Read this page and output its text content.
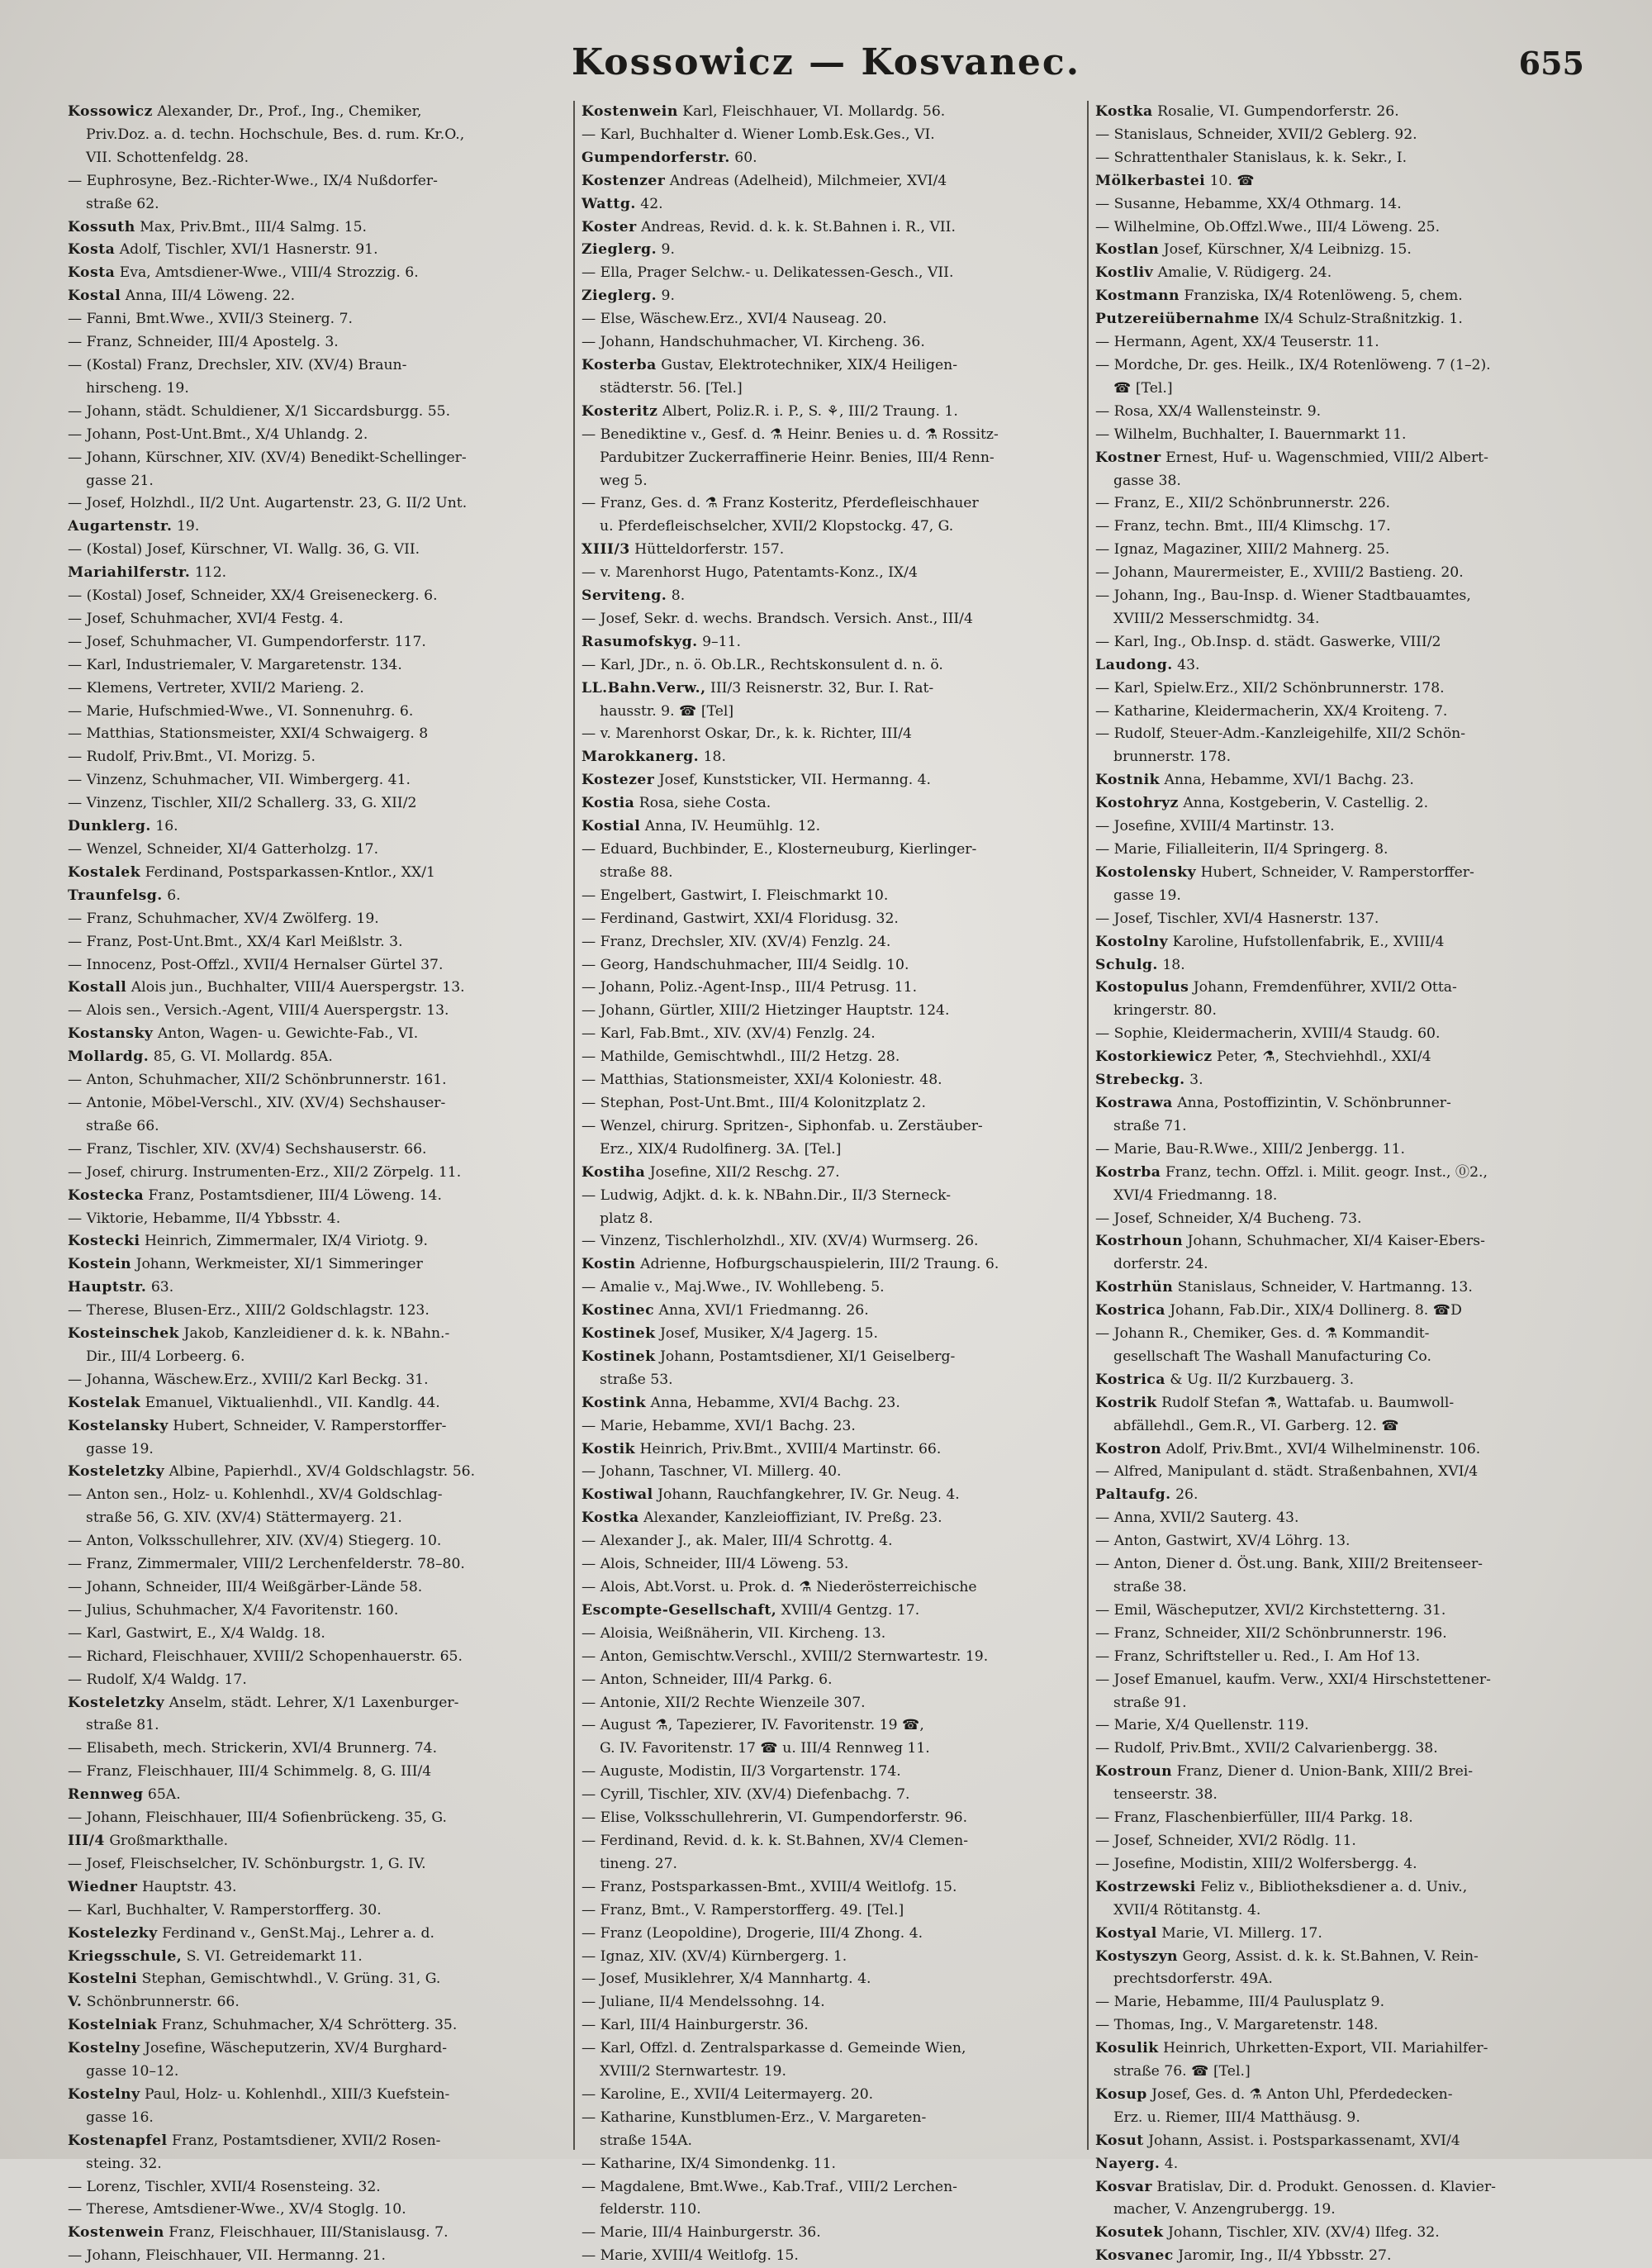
Kossowicz — Kosvanec.	655

Kossowicz Alexander, Dr., Prof., Ing., Chemiker,

Priv.Doz. a. d. techn. Hochschule, Bes. d. rum. Kr.O.,

VII. Schottenfeldg. 28.

— Euphrosyne, Bez.-Richter-Wwe., IX/4 Nußdorfer-

straße 62.

Kossuth Max, Priv.Bmt., III/4 Salmg. 15.

Kosta Adolf, Tischler, XVI/1 Hasnerstr. 91.

Kosta Eva, Amtsdiener-Wwe., VIII/4 Strozzig. 6.

Kostal Anna, III/4 Löweng. 22.

— Fanni, Bmt.Wwe., XVII/3 Steinerg. 7.

— Franz, Schneider, III/4 Apostelg. 3.

— (Kostal) Franz, Drechsler, XIV. (XV/4) Braun-

hirscheng. 19.

— Johann, städt. Schuldiener, X/1 Siccardsburgg. 55.

— Johann, Post-Unt.Bmt., X/4 Uhlandg. 2.

— Johann, Kürschner, XIV. (XV/4) Benedikt-Schellinger-

gasse 21.

— Josef, Holzhdl., II/2 Unt. Augartenstr. 23, G. II/2 Unt.

Augartenstr. 19.

— (Kostal) Josef, Kürschner, VI. Wallg. 36, G. VII.

Mariahilferstr. 112.

— (Kostal) Josef, Schneider, XX/4 Greiseneckerg. 6.

— Josef, Schuhmacher, XVI/4 Festg. 4.

— Josef, Schuhmacher, VI. Gumpendorferstr. 117.

— Karl, Industriemaler, V. Margaretenstr. 134.

— Klemens, Vertreter, XVII/2 Marieng. 2.

— Marie, Hufschmied-Wwe., VI. Sonnenuhrg. 6.

— Matthias, Stationsmeister, XXI/4 Schwaigerg. 8

— Rudolf, Priv.Bmt., VI. Morizg. 5.

— Vinzenz, Schuhmacher, VII. Wimbergerg. 41.

— Vinzenz, Tischler, XII/2 Schallerg. 33, G. XII/2

Dunklerg. 16.

— Wenzel, Schneider, XI/4 Gatterholzg. 17.

Kostalek Ferdinand, Postsparkassen-Kntlor., XX/1

Traunfelsg. 6.

— Franz, Schuhmacher, XV/4 Zwölferg. 19.

— Franz, Post-Unt.Bmt., XX/4 Karl Meißlstr. 3.

— Innocenz, Post-Offzl., XVII/4 Hernalser Gürtel 37.

Kostall Alois jun., Buchhalter, VIII/4 Auerspergstr. 13.

— Alois sen., Versich.-Agent, VIII/4 Auerspergstr. 13.

Kostansky Anton, Wagen- u. Gewichte-Fab., VI.

Mollardg. 85, G. VI. Mollardg. 85A.

— Anton, Schuhmacher, XII/2 Schönbrunnerstr. 161.

— Antonie, Möbel-Verschl., XIV. (XV/4) Sechshauser-

straße 66.

— Franz, Tischler, XIV. (XV/4) Sechshauserstr. 66.

— Josef, chirurg. Instrumenten-Erz., XII/2 Zörpelg. 11.

Kostecka Franz, Postamtsdiener, III/4 Löweng. 14.

— Viktorie, Hebamme, II/4 Ybbsstr. 4.

Kostecki Heinrich, Zimmermaler, IX/4 Viriotg. 9.

Kostein Johann, Werkmeister, XI/1 Simmeringer

Hauptstr. 63.

— Therese, Blusen-Erz., XIII/2 Goldschlagstr. 123.

Kosteinschek Jakob, Kanzleidiener d. k. k. NBahn.-

Dir., III/4 Lorbeerg. 6.

— Johanna, Wäschew.Erz., XVIII/2 Karl Beckg. 31.

Kostelak Emanuel, Viktualienhdl., VII. Kandlg. 44.

Kostelansky Hubert, Schneider, V. Ramperstorffer-

gasse 19.

Kosteletzky Albine, Papierhdl., XV/4 Goldschlagstr. 56.

— Anton sen., Holz- u. Kohlenhdl., XV/4 Goldschlag-

straße 56, G. XIV. (XV/4) Stättermayerg. 21.

— Anton, Volksschullehrer, XIV. (XV/4) Stiegerg. 10.

— Franz, Zimmermaler, VIII/2 Lerchenfelderstr. 78–80.

— Johann, Schneider, III/4 Weißgärber-Lände 58.

— Julius, Schuhmacher, X/4 Favoritenstr. 160.

— Karl, Gastwirt, E., X/4 Waldg. 18.

— Richard, Fleischhauer, XVIII/2 Schopenhauerstr. 65.

— Rudolf, X/4 Waldg. 17.

Kosteletzky Anselm, städt. Lehrer, X/1 Laxenburger-

straße 81.

— Elisabeth, mech. Strickerin, XVI/4 Brunnerg. 74.

— Franz, Fleischhauer, III/4 Schimmelg. 8, G. III/4

Rennweg 65A.

— Johann, Fleischhauer, III/4 Sofienbrückeng. 35, G.

III/4 Großmarkthalle.

— Josef, Fleischselcher, IV. Schönburgstr. 1, G. IV.

Wiedner Hauptstr. 43.

— Karl, Buchhalter, V. Ramperstorfferg. 30.

Kostelezky Ferdinand v., GenSt.Maj., Lehrer a. d.

Kriegsschule, S. VI. Getreidemarkt 11.

Kostelni Stephan, Gemischtwhdl., V. Grüng. 31, G.

V. Schönbrunnerstr. 66.

Kostelniak Franz, Schuhmacher, X/4 Schrötterg. 35.

Kostelny Josefine, Wäscheputzerin, XV/4 Burghard-

gasse 10–12.

Kostelny Paul, Holz- u. Kohlenhdl., XIII/3 Kuefstein-

gasse 16.

Kostenapfel Franz, Postamtsdiener, XVII/2 Rosen-

steing. 32.

— Lorenz, Tischler, XVII/4 Rosensteing. 32.

— Therese, Amtsdiener-Wwe., XV/4 Stoglg. 10.

Kostenwein Franz, Fleischhauer, III/Stanislausg. 7.

— Johann, Fleischhauer, VII. Hermanng. 21.

Kostenwein Karl, Fleischhauer, VI. Mollardg. 56.

— Karl, Buchhalter d. Wiener Lomb.Esk.Ges., VI.

Gumpendorferstr. 60.

Kostenzer Andreas (Adelheid), Milchmeier, XVI/4

Wattg. 42.

Koster Andreas, Revid. d. k. k. St.Bahnen i. R., VII.

Zieglerg. 9.

— Ella, Prager Selchw.- u. Delikatessen-Gesch., VII.

Zieglerg. 9.

— Else, Wäschew.Erz., XVI/4 Nauseag. 20.

— Johann, Handschuhmacher, VI. Kircheng. 36.

Kosterba Gustav, Elektrotechniker, XIX/4 Heiligen-

städterstr. 56. [Tel.]

Kosteritz Albert, Poliz.R. i. P., S. ⚘, III/2 Traung. 1.

— Benediktine v., Gesf. d. ⚗ Heinr. Benies u. d. ⚗ Rossitz-

Pardubitzer Zuckerraffinerie Heinr. Benies, III/4 Renn-

weg 5.

— Franz, Ges. d. ⚗ Franz Kosteritz, Pferdefleischhauer

u. Pferdefleischselcher, XVII/2 Klopstockg. 47, G.

XIII/3 Hütteldorferstr. 157.

— v. Marenhorst Hugo, Patentamts-Konz., IX/4

Serviteng. 8.

— Josef, Sekr. d. wechs. Brandsch. Versich. Anst., III/4

Rasumofskyg. 9–11.

— Karl, JDr., n. ö. Ob.LR., Rechtskonsulent d. n. ö.

LL.Bahn.Verw., III/3 Reisnerstr. 32, Bur. I. Rat-

hausstr. 9. ☎ [Tel]

— v. Marenhorst Oskar, Dr., k. k. Richter, III/4

Marokkanerg. 18.

Kostezer Josef, Kunststicker, VII. Hermanng. 4.

Kostia Rosa, siehe Costa.

Kostial Anna, IV. Heumühlg. 12.

— Eduard, Buchbinder, E., Klosterneuburg, Kierlinger-

straße 88.

— Engelbert, Gastwirt, I. Fleischmarkt 10.

— Ferdinand, Gastwirt, XXI/4 Floridusg. 32.

— Franz, Drechsler, XIV. (XV/4) Fenzlg. 24.

— Georg, Handschuhmacher, III/4 Seidlg. 10.

— Johann, Poliz.-Agent-Insp., III/4 Petrusg. 11.

— Johann, Gürtler, XIII/2 Hietzinger Hauptstr. 124.

— Karl, Fab.Bmt., XIV. (XV/4) Fenzlg. 24.

— Mathilde, Gemischtwhdl., III/2 Hetzg. 28.

— Matthias, Stationsmeister, XXI/4 Koloniestr. 48.

— Stephan, Post-Unt.Bmt., III/4 Kolonitzplatz 2.

— Wenzel, chirurg. Spritzen-, Siphonfab. u. Zerstäuber-

Erz., XIX/4 Rudolfinerg. 3A. [Tel.]

Kostiha Josefine, XII/2 Reschg. 27.

— Ludwig, Adjkt. d. k. k. NBahn.Dir., II/3 Sterneck-

platz 8.

— Vinzenz, Tischlerholzhdl., XIV. (XV/4) Wurmserg. 26.

Kostin Adrienne, Hofburgschauspielerin, III/2 Traung. 6.

— Amalie v., Maj.Wwe., IV. Wohllebeng. 5.

Kostinec Anna, XVI/1 Friedmanng. 26.

Kostinek Josef, Musiker, X/4 Jagerg. 15.

Kostinek Johann, Postamtsdiener, XI/1 Geiselberg-

straße 53.

Kostink Anna, Hebamme, XVI/4 Bachg. 23.

— Marie, Hebamme, XVI/1 Bachg. 23.

Kostik Heinrich, Priv.Bmt., XVIII/4 Martinstr. 66.

— Johann, Taschner, VI. Millerg. 40.

Kostiwal Johann, Rauchfangkehrer, IV. Gr. Neug. 4.

Kostka Alexander, Kanzleioffiziant, IV. Preßg. 23.

— Alexander J., ak. Maler, III/4 Schrottg. 4.

— Alois, Schneider, III/4 Löweng. 53.

— Alois, Abt.Vorst. u. Prok. d. ⚗ Niederösterreichische

Escompte-Gesellschaft, XVIII/4 Gentzg. 17.

— Aloisia, Weißnäherin, VII. Kircheng. 13.

— Anton, Gemischtw.Verschl., XVIII/2 Sternwartestr. 19.

— Anton, Schneider, III/4 Parkg. 6.

— Antonie, XII/2 Rechte Wienzeile 307.

— August ⚗, Tapezierer, IV. Favoritenstr. 19 ☎,

G. IV. Favoritenstr. 17 ☎ u. III/4 Rennweg 11.

— Auguste, Modistin, II/3 Vorgartenstr. 174.

— Cyrill, Tischler, XIV. (XV/4) Diefenbachg. 7.

— Elise, Volksschullehrerin, VI. Gumpendorferstr. 96.

— Ferdinand, Revid. d. k. k. St.Bahnen, XV/4 Clemen-

tineng. 27.

— Franz, Postsparkassen-Bmt., XVIII/4 Weitlofg. 15.

— Franz, Bmt., V. Ramperstorfferg. 49. [Tel.]

— Franz (Leopoldine), Drogerie, III/4 Zhong. 4.

— Ignaz, XIV. (XV/4) Kürnbergerg. 1.

— Josef, Musiklehrer, X/4 Mannhartg. 4.

— Juliane, II/4 Mendelssohng. 14.

— Karl, III/4 Hainburgerstr. 36.

— Karl, Offzl. d. Zentralsparkasse d. Gemeinde Wien,

XVIII/2 Sternwartestr. 19.

— Karoline, E., XVII/4 Leitermayerg. 20.

— Katharine, Kunstblumen-Erz., V. Margareten-

straße 154A.

— Katharine, IX/4 Simondenkg. 11.

— Magdalene, Bmt.Wwe., Kab.Traf., VIII/2 Lerchen-

felderstr. 110.

— Marie, III/4 Hainburgerstr. 36.

— Marie, XVIII/4 Weitlofg. 15.

Kostka Rosalie, VI. Gumpendorferstr. 26.

— Stanislaus, Schneider, XVII/2 Geblerg. 92.

— Schrattenthaler Stanislaus, k. k. Sekr., I.

Mölkerbastei 10. ☎

— Susanne, Hebamme, XX/4 Othmarg. 14.

— Wilhelmine, Ob.Offzl.Wwe., III/4 Löweng. 25.

Kostlan Josef, Kürschner, X/4 Leibnizg. 15.

Kostliv Amalie, V. Rüdigerg. 24.

Kostmann Franziska, IX/4 Rotenlöweng. 5, chem.

Putzereiübernahme IX/4 Schulz-Straßnitzkig. 1.

— Hermann, Agent, XX/4 Teuserstr. 11.

— Mordche, Dr. ges. Heilk., IX/4 Rotenlöweng. 7 (1–2).

☎ [Tel.]

— Rosa, XX/4 Wallensteinstr. 9.

— Wilhelm, Buchhalter, I. Bauernmarkt 11.

Kostner Ernest, Huf- u. Wagenschmied, VIII/2 Albert-

gasse 38.

— Franz, E., XII/2 Schönbrunnerstr. 226.

— Franz, techn. Bmt., III/4 Klimschg. 17.

— Ignaz, Magaziner, XIII/2 Mahnerg. 25.

— Johann, Maurermeister, E., XVIII/2 Bastieng. 20.

— Johann, Ing., Bau-Insp. d. Wiener Stadtbauamtes,

XVIII/2 Messerschmidtg. 34.

— Karl, Ing., Ob.Insp. d. städt. Gaswerke, VIII/2

Laudong. 43.

— Karl, Spielw.Erz., XII/2 Schönbrunnerstr. 178.

— Katharine, Kleidermacherin, XX/4 Kroiteng. 7.

— Rudolf, Steuer-Adm.-Kanzleigehilfe, XII/2 Schön-

brunnerstr. 178.

Kostnik Anna, Hebamme, XVI/1 Bachg. 23.

Kostohryz Anna, Kostgeberin, V. Castellig. 2.

— Josefine, XVIII/4 Martinstr. 13.

— Marie, Filialleiterin, II/4 Springerg. 8.

Kostolensky Hubert, Schneider, V. Ramperstorffer-

gasse 19.

— Josef, Tischler, XVI/4 Hasnerstr. 137.

Kostolny Karoline, Hufstollenfabrik, E., XVIII/4

Schulg. 18.

Kostopulus Johann, Fremdenführer, XVII/2 Otta-

kringerstr. 80.

— Sophie, Kleidermacherin, XVIII/4 Staudg. 60.

Kostorkiewicz Peter, ⚗, Stechviehhdl., XXI/4

Strebeckg. 3.

Kostrawa Anna, Postoffizintin, V. Schönbrunner-

straße 71.

— Marie, Bau-R.Wwe., XIII/2 Jenbergg. 11.

Kostrba Franz, techn. Offzl. i. Milit. geogr. Inst., ⓪2.,

XVI/4 Friedmanng. 18.

— Josef, Schneider, X/4 Bucheng. 73.

Kostrhoun Johann, Schuhmacher, XI/4 Kaiser-Ebers-

dorferstr. 24.

Kostrhün Stanislaus, Schneider, V. Hartmanng. 13.

Kostrica Johann, Fab.Dir., XIX/4 Dollinerg. 8. ☎D

— Johann R., Chemiker, Ges. d. ⚗ Kommandit-

gesellschaft The Washall Manufacturing Co.

Kostrica & Ug. II/2 Kurzbauerg. 3.

Kostrik Rudolf Stefan ⚗, Wattafab. u. Baumwoll-

abfällehdl., Gem.R., VI. Garberg. 12. ☎

Kostron Adolf, Priv.Bmt., XVI/4 Wilhelminenstr. 106.

— Alfred, Manipulant d. städt. Straßenbahnen, XVI/4

Paltaufg. 26.

— Anna, XVII/2 Sauterg. 43.

— Anton, Gastwirt, XV/4 Löhrg. 13.

— Anton, Diener d. Öst.ung. Bank, XIII/2 Breitenseer-

straße 38.

— Emil, Wäscheputzer, XVI/2 Kirchstetterng. 31.

— Franz, Schneider, XII/2 Schönbrunnerstr. 196.

— Franz, Schriftsteller u. Red., I. Am Hof 13.

— Josef Emanuel, kaufm. Verw., XXI/4 Hirschstettener-

straße 91.

— Marie, X/4 Quellenstr. 119.

— Rudolf, Priv.Bmt., XVII/2 Calvarienbergg. 38.

Kostroun Franz, Diener d. Union-Bank, XIII/2 Brei-

tenseerstr. 38.

— Franz, Flaschenbierfüller, III/4 Parkg. 18.

— Josef, Schneider, XVI/2 Rödlg. 11.

— Josefine, Modistin, XIII/2 Wolfersbergg. 4.

Kostrzewski Feliz v., Bibliotheksdiener a. d. Univ.,

XVII/4 Rötitanstg. 4.

Kostyal Marie, VI. Millerg. 17.

Kostyszyn Georg, Assist. d. k. k. St.Bahnen, V. Rein-

prechtsdorferstr. 49A.

— Marie, Hebamme, III/4 Paulusplatz 9.

— Thomas, Ing., V. Margaretenstr. 148.

Kosulik Heinrich, Uhrketten-Export, VII. Mariahilfer-

straße 76. ☎ [Tel.]

Kosup Josef, Ges. d. ⚗ Anton Uhl, Pferdedecken-

Erz. u. Riemer, III/4 Matthäusg. 9.

Kosut Johann, Assist. i. Postsparkassenamt, XVI/4

Nayerg. 4.

Kosvar Bratislav, Dir. d. Produkt. Genossen. d. Klavier-

macher, V. Anzengrubergg. 19.

Kosutek Johann, Tischler, XIV. (XV/4) Ilfeg. 32.

Kosvanec Jaromir, Ing., II/4 Ybbsstr. 27.
